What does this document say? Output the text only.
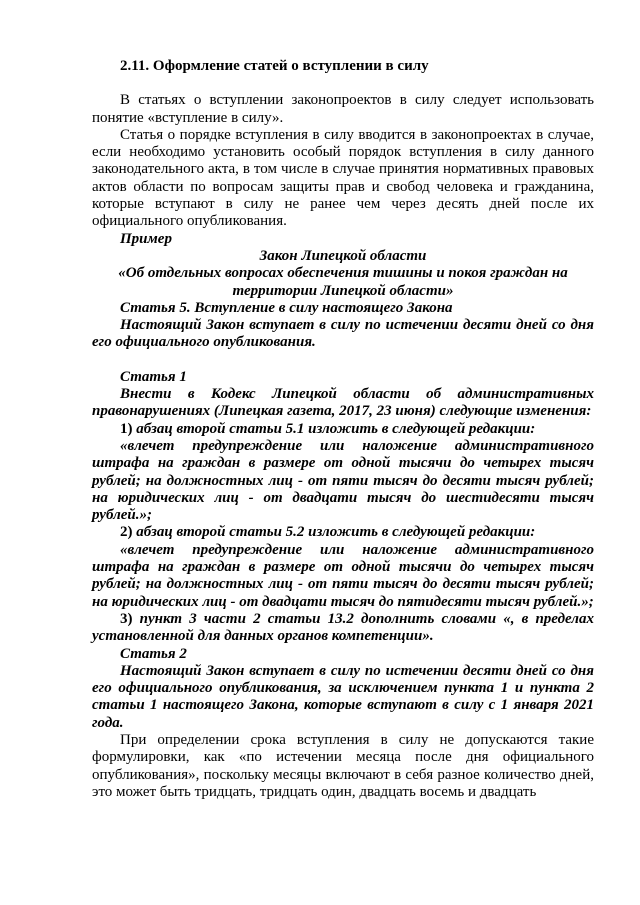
2.11. Оформление статей о вступлении в силу

В статьях о вступлении законопроектов в силу следует использовать понятие «вступление в силу».

Статья о порядке вступления в силу вводится в законопроектах в случае, если необходимо установить особый порядок вступления в силу данного законодательного акта, в том числе в случае принятия нормативных правовых актов области по вопросам защиты прав и свобод человека и гражданина, которые вступают в силу не ранее чем через десять дней после их официального опубликования.

Пример
Закон Липецкой области
«Об отдельных вопросах обеспечения тишины и покоя граждан на территории Липецкой области»
Статья 5. Вступление в силу настоящего Закона

Настоящий Закон вступает в силу по истечении десяти дней со дня его официального опубликования.

Статья 1

Внести в Кодекс Липецкой области об административных правонарушениях (Липецкая газета, 2017, 23 июня) следующие изменения:

1) абзац второй статьи 5.1 изложить в следующей редакции:

«влечет предупреждение или наложение административного штрафа на граждан в размере от одной тысячи до четырех тысяч рублей; на должностных лиц - от пяти тысяч до десяти тысяч рублей; на юридических лиц - от двадцати тысяч до шестидесяти тысяч рублей.»;

2) абзац второй статьи 5.2 изложить в следующей редакции:

«влечет предупреждение или наложение административного штрафа на граждан в размере от одной тысячи до четырех тысяч рублей; на должностных лиц - от пяти тысяч до десяти тысяч рублей; на юридических лиц - от двадцати тысяч до пятидесяти тысяч рублей.»;

3) пункт 3 части 2 статьи 13.2 дополнить словами «, в пределах установленной для данных органов компетенции».

Статья 2

Настоящий Закон вступает в силу по истечении десяти дней со дня его официального опубликования, за исключением пункта 1 и пункта 2 статьи 1 настоящего Закона, которые вступают в силу с 1 января 2021 года.

При определении срока вступления в силу не допускаются такие формулировки, как «по истечении месяца после дня официального опубликования», поскольку месяцы включают в себя разное количество дней, это может быть тридцать, тридцать один, двадцать восемь и двадцать
